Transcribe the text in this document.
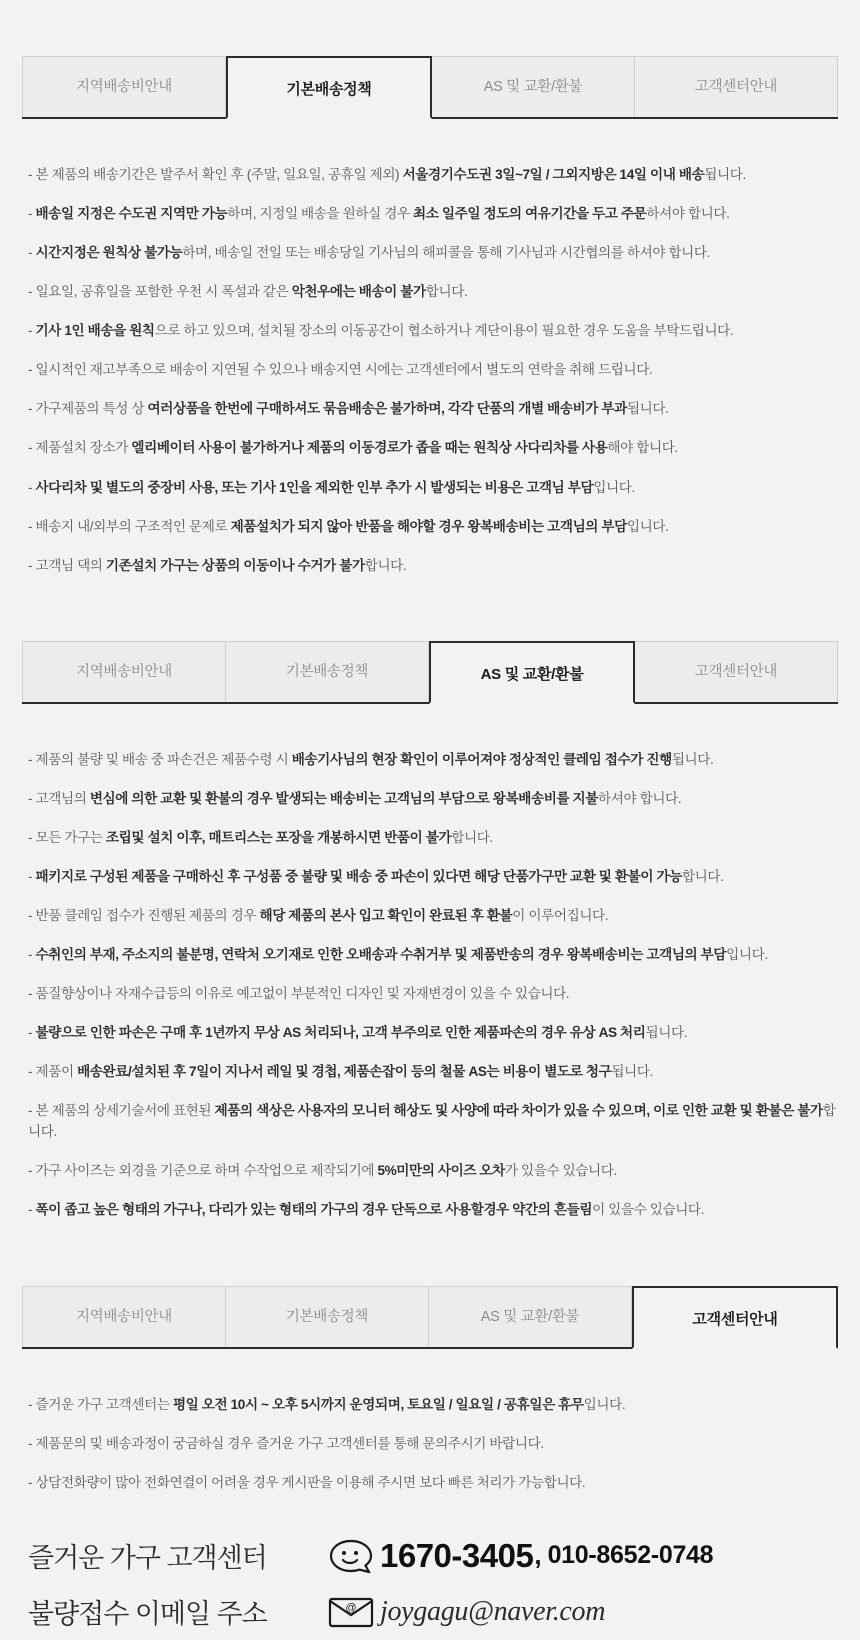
지역배송비안내	기본배송정책	AS 및 교환/환불	고객센터안내
- 본 제품의 배송기간은 발주서 확인 후 (주말, 일요일, 공휴일 제외) 서울경기수도권 3일~7일 / 그외지방은 14일 이내 배송됩니다.
- 배송일 지정은 수도권 지역만 가능하며, 지정일 배송을 원하실 경우 최소 일주일 정도의 여유기간을 두고 주문하셔야 합니다.
- 시간지정은 원칙상 불가능하며, 배송일 전일 또는 배송당일 기사님의 해피콜을 통해 기사님과 시간협의를 하셔야 합니다.
- 일요일, 공휴일을 포함한 우천 시 폭설과 같은 악천우에는 배송이 불가합니다.
- 기사 1인 배송을 원칙으로 하고 있으며, 설치될 장소의 이동공간이 협소하거나 계단이용이 필요한 경우 도움을 부탁드립니다.
- 일시적인 재고부족으로 배송이 지연될 수 있으나 배송지연 시에는 고객센터에서 별도의 연락을 취해 드립니다.
- 가구제품의 특성 상 여러상품을 한번에 구매하셔도 묶음배송은 불가하며, 각각 단품의 개별 배송비가 부과됩니다.
- 제품설치 장소가 엘리베이터 사용이 불가하거나 제품의 이동경로가 좁을 때는 원칙상 사다리차를 사용해야 합니다.
- 사다리차 및 별도의 중장비 사용, 또는 기사 1인을 제외한 인부 추가 시 발생되는 비용은 고객님 부담입니다.
- 배송지 내/외부의 구조적인 문제로 제품설치가 되지 않아 반품을 해야할 경우 왕복배송비는 고객님의 부담입니다.
- 고객님 댁의 기존설치 가구는 상품의 이동이나 수거가 불가합니다.
지역배송비안내	기본배송정책	AS 및 교환/환불	고객센터안내
- 제품의 불량 및 배송 중 파손건은 제품수령 시 배송기사님의 현장 확인이 이루어져야 정상적인 클레임 접수가 진행됩니다.
- 고객님의 변심에 의한 교환 및 환불의 경우 발생되는 배송비는 고객님의 부담으로 왕복배송비를 지불하셔야 합니다.
- 모든 가구는 조립및 설치 이후, 매트리스는 포장을 개봉하시면 반품이 불가합니다.
- 패키지로 구성된 제품을 구매하신 후 구성품 중 불량 및 배송 중 파손이 있다면 해당 단품가구만 교환 및 환불이 가능합니다.
- 반품 클레임 접수가 진행된 제품의 경우 해당 제품의 본사 입고 확인이 완료된 후 환불이 이루어집니다.
- 수취인의 부재, 주소지의 불분명, 연락처 오기재로 인한 오배송과 수취거부 및 제품반송의 경우 왕복배송비는 고객님의 부담입니다.
- 품질향상이나 자재수급등의 이유로 예고없이 부분적인 디자인 및 자재변경이 있을 수 있습니다.
- 불량으로 인한 파손은 구매 후 1년까지 무상 AS 처리되나, 고객 부주의로 인한 제품파손의 경우 유상 AS 처리됩니다.
- 제품이 배송완료/설치된 후 7일이 지나서 레일 및 경첩, 제품손잡이 등의 철물 AS는 비용이 별도로 청구됩니다.
- 본 제품의 상세기술서에 표현된 제품의 색상은 사용자의 모니터 해상도 및 사양에 따라 차이가 있을 수 있으며, 이로 인한 교환 및 환불은 불가합니다.
- 가구 사이즈는 외경을 기준으로 하며 수작업으로 제작되기에 5%미만의 사이즈 오차가 있을수 있습니다.
- 폭이 좁고 높은 형태의 가구나, 다리가 있는 형태의 가구의 경우 단독으로 사용할경우 약간의 흔들림이 있을수 있습니다.
지역배송비안내	기본배송정책	AS 및 교환/환불	고객센터안내
- 즐거운 가구 고객센터는 평일 오전 10시 ~ 오후 5시까지 운영되며, 토요일 / 일요일 / 공휴일은 휴무입니다.
- 제품문의 및 배송과정이 궁금하실 경우 즐거운 가구 고객센터를 통해 문의주시기 바랍니다.
- 상담전화량이 많아 전화연결이 어려울 경우 게시판을 이용해 주시면 보다 빠른 처리가 가능합니다.
즐거운 가구 고객센터	1670-3405 , 010-8652-0748
불량접수 이메일 주소	@ joygagu@naver.com
